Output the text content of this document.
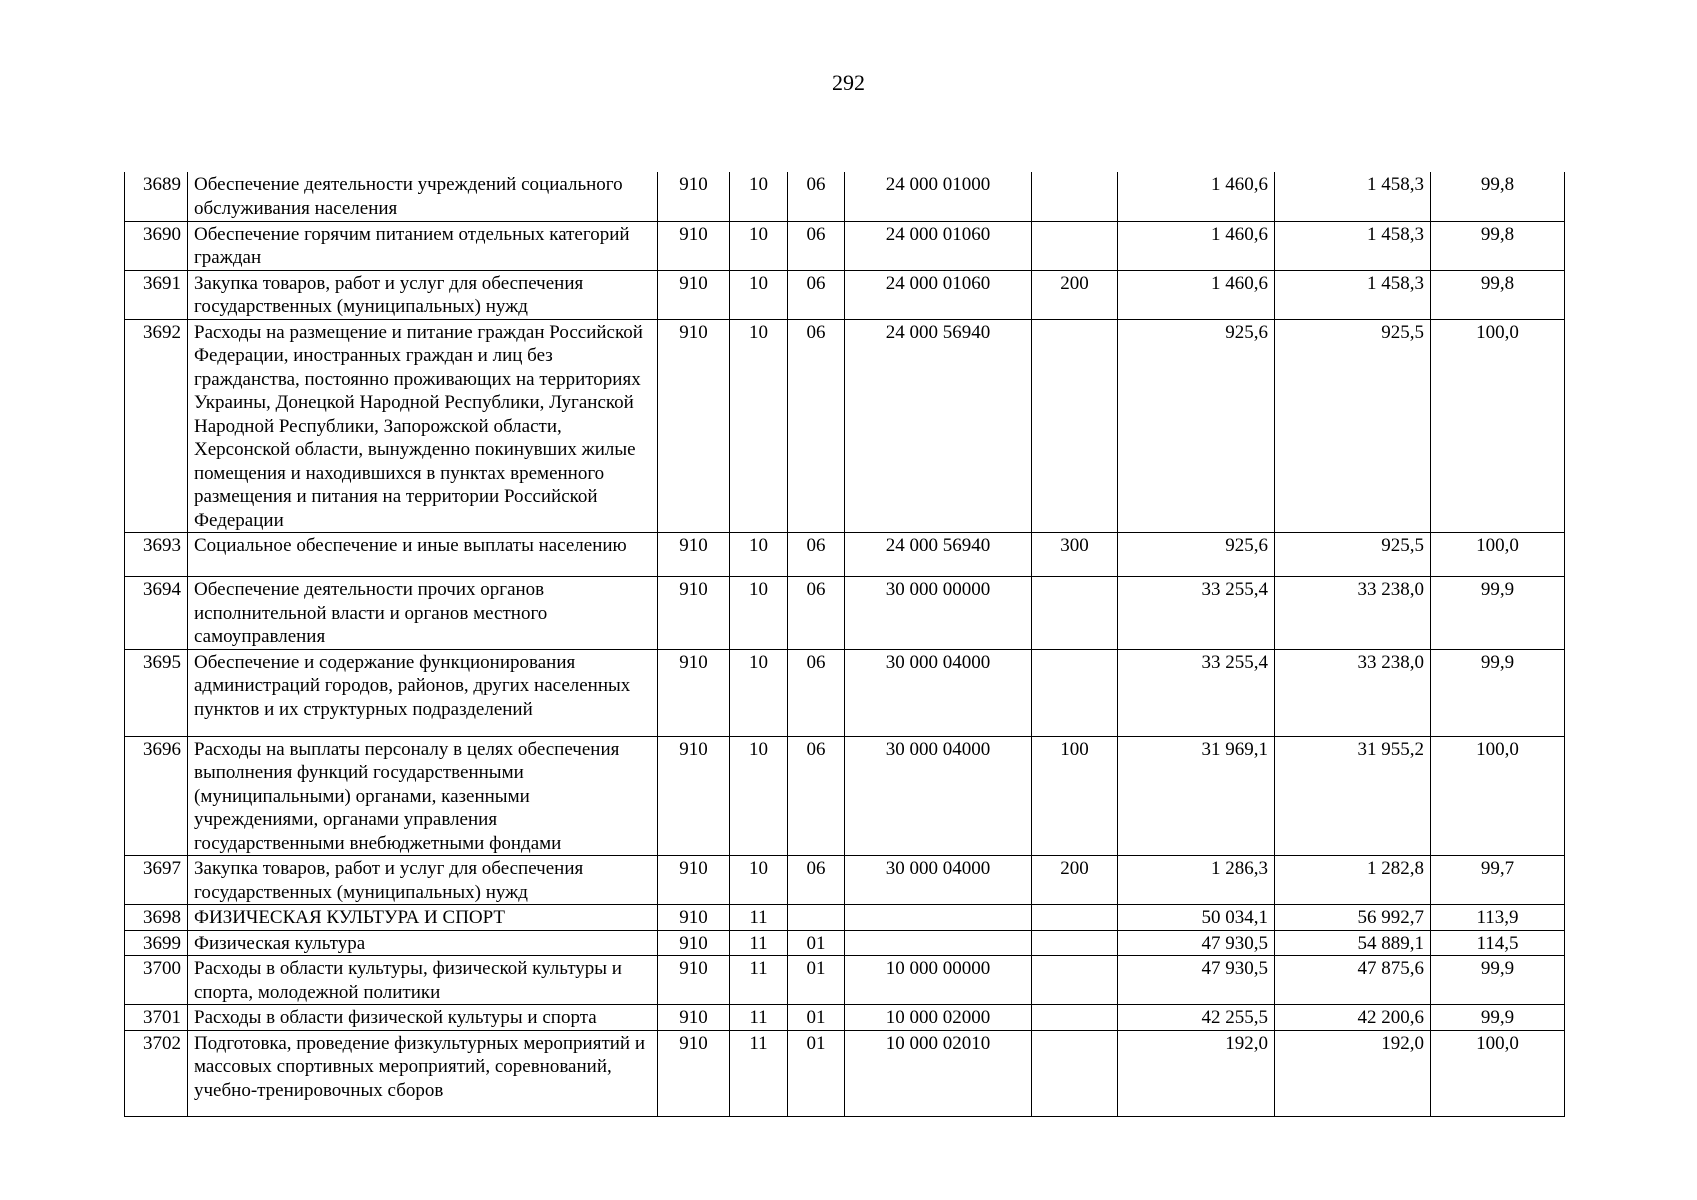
292
3689	Обеспечение деятельности учреждений социального обслуживания населения	910	10	06	24 000 01000		1 460,6	1 458,3	99,8
3690	Обеспечение горячим питанием отдельных категорий граждан	910	10	06	24 000 01060		1 460,6	1 458,3	99,8
3691	Закупка товаров, работ и услуг для обеспечения государственных (муниципальных) нужд	910	10	06	24 000 01060	200	1 460,6	1 458,3	99,8
3692	Расходы на размещение и питание граждан Российской Федерации, иностранных граждан и лиц без гражданства, постоянно проживающих на территориях Украины, Донецкой Народной Республики, Луганской Народной Республики, Запорожской области, Херсонской области, вынужденно покинувших жилые помещения и находившихся в пунктах временного размещения и питания на территории Российской Федерации	910	10	06	24 000 56940		925,6	925,5	100,0
3693	Социальное обеспечение и иные выплаты населению	910	10	06	24 000 56940	300	925,6	925,5	100,0
3694	Обеспечение деятельности прочих органов исполнительной власти и органов местного самоуправления	910	10	06	30 000 00000		33 255,4	33 238,0	99,9
3695	Обеспечение и содержание функционирования администраций городов, районов, других населенных пунктов и их структурных подразделений	910	10	06	30 000 04000		33 255,4	33 238,0	99,9
3696	Расходы на выплаты персоналу в целях обеспечения выполнения функций государственными (муниципальными) органами, казенными учреждениями, органами управления государственными внебюджетными фондами	910	10	06	30 000 04000	100	31 969,1	31 955,2	100,0
3697	Закупка товаров, работ и услуг для обеспечения государственных (муниципальных) нужд	910	10	06	30 000 04000	200	1 286,3	1 282,8	99,7
3698	ФИЗИЧЕСКАЯ КУЛЬТУРА И СПОРТ	910	11				50 034,1	56 992,7	113,9
3699	Физическая культура	910	11	01			47 930,5	54 889,1	114,5
3700	Расходы в области культуры, физической культуры и спорта, молодежной политики	910	11	01	10 000 00000		47 930,5	47 875,6	99,9
3701	Расходы в области физической культуры и спорта	910	11	01	10 000 02000		42 255,5	42 200,6	99,9
3702	Подготовка, проведение физкультурных мероприятий и массовых спортивных мероприятий, соревнований, учебно-тренировочных сборов	910	11	01	10 000 02010		192,0	192,0	100,0
